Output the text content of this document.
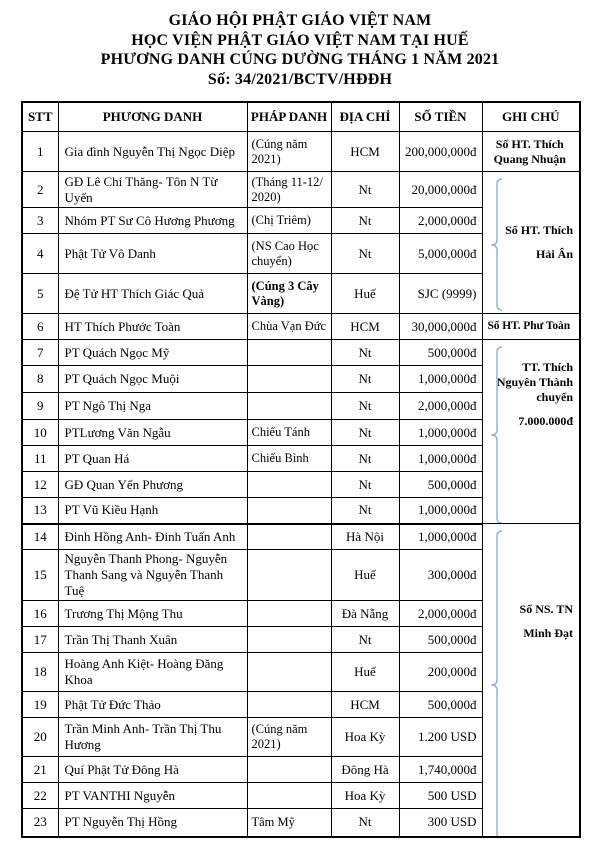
GIÁO HỘI PHẬT GIÁO VIỆT NAM
HỌC VIỆN PHẬT GIÁO VIỆT NAM TẠI HUẾ
PHƯƠNG DANH CÚNG DƯỜNG THÁNG 1 NĂM 2021
Số: 34/2021/BCTV/HĐĐH
STT	PHƯƠNG DANH	PHÁP DANH	ĐỊA CHỈ	SỐ TIỀN	GHI CHÚ
1	Gia đình Nguyễn Thị Ngọc Diệp	(Cúng năm 2021)	HCM	200,000,000đ	Sổ HT. Thích Quang Nhuận

2	GĐ Lê Chí Thăng- Tôn N Từ Uyển	(Tháng 11-12/ 2020)	Nt	20,000,000đ	Sổ HT. Thích
Hải Ân

3	Nhóm PT Sư Cô Hương Phương	(Chị Triêm)	Nt	2,000,000đ	
4	Phật Tử Vô Danh	(NS Cao Học chuyển)	Nt	5,000,000đ	
5	Đệ Tử HT Thích Giác Quả	(Cúng 3 Cây Vàng)	Huế	SJC (9999)	
6	HT Thích Phước Toàn	Chùa Vạn Đức	HCM	30,000,000đ	Sổ HT. Phư Toàn

7	PT Quách Ngọc Mỹ		Nt	500,000đ	TT. Thích Nguyên Thành chuyển
7.000.000đ

8	PT Quách Ngọc Muội		Nt	1,000,000đ	
9	PT Ngô Thị Nga		Nt	2,000,000đ	
10	PTLương Văn Ngẫu	Chiếu Tánh	Nt	1,000,000đ	
11	PT Quan Há	Chiếu Bình	Nt	1,000,000đ	
12	GĐ Quan Yến Phương		Nt	500,000đ	
13	PT Vũ Kiều Hạnh		Nt	1,000,000đ	
14	Đinh Hồng Anh- Đinh Tuấn Anh		Hà Nội	1,000,000đ	Sổ NS. TN
Minh Đạt

15	Nguyễn Thanh Phong- Nguyễn Thanh Sang và Nguyễn Thanh Tuệ		Huế	300,000đ	
16	Trương Thị Mộng Thu		Đà Nẵng	2,000,000đ	
17	Trần Thị Thanh Xuân		Nt	500,000đ	
18	Hoàng Anh Kiệt- Hoàng Đăng Khoa		Huế	200,000đ	
19	Phật Tử Đức Thảo		HCM	500,000đ	
20	Trần Minh Anh- Trần Thị Thu Hương	(Cúng năm 2021)	Hoa Kỳ	1.200 USD	
21	Quí Phật Tử Đông Hà		Đông Hà	1,740,000đ	
22	PT VANTHI Nguyễn		Hoa Kỳ	500 USD	
23	PT Nguyễn Thị Hồng	Tâm Mỹ	Nt	300 USD	
